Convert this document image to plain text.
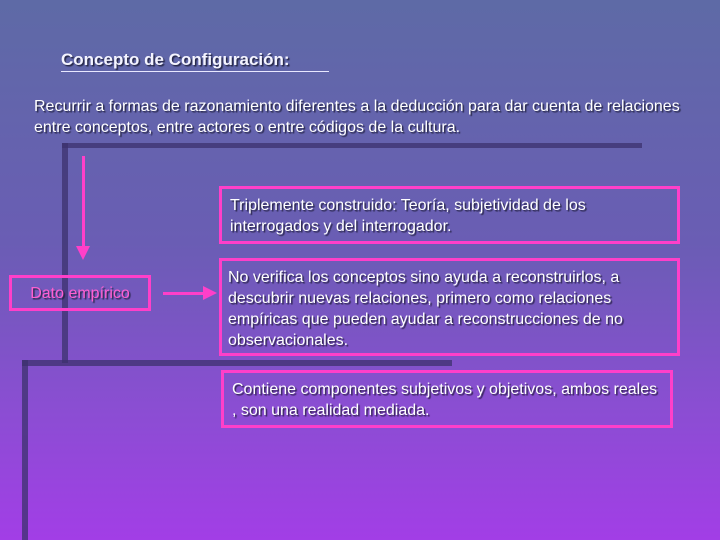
Concepto de Configuración:
Recurrir a formas de razonamiento diferentes a la deducción para dar cuenta de relaciones entre conceptos, entre actores o entre códigos de la cultura.
Dato empírico
Triplemente construido: Teoría, subjetividad de los interrogados y del interrogador.
No verifica los conceptos sino ayuda a reconstruirlos, a descubrir nuevas relaciones, primero como relaciones empíricas que pueden ayudar a reconstrucciones de no observacionales.
Contiene componentes subjetivos y objetivos, ambos reales , son una realidad mediada.
